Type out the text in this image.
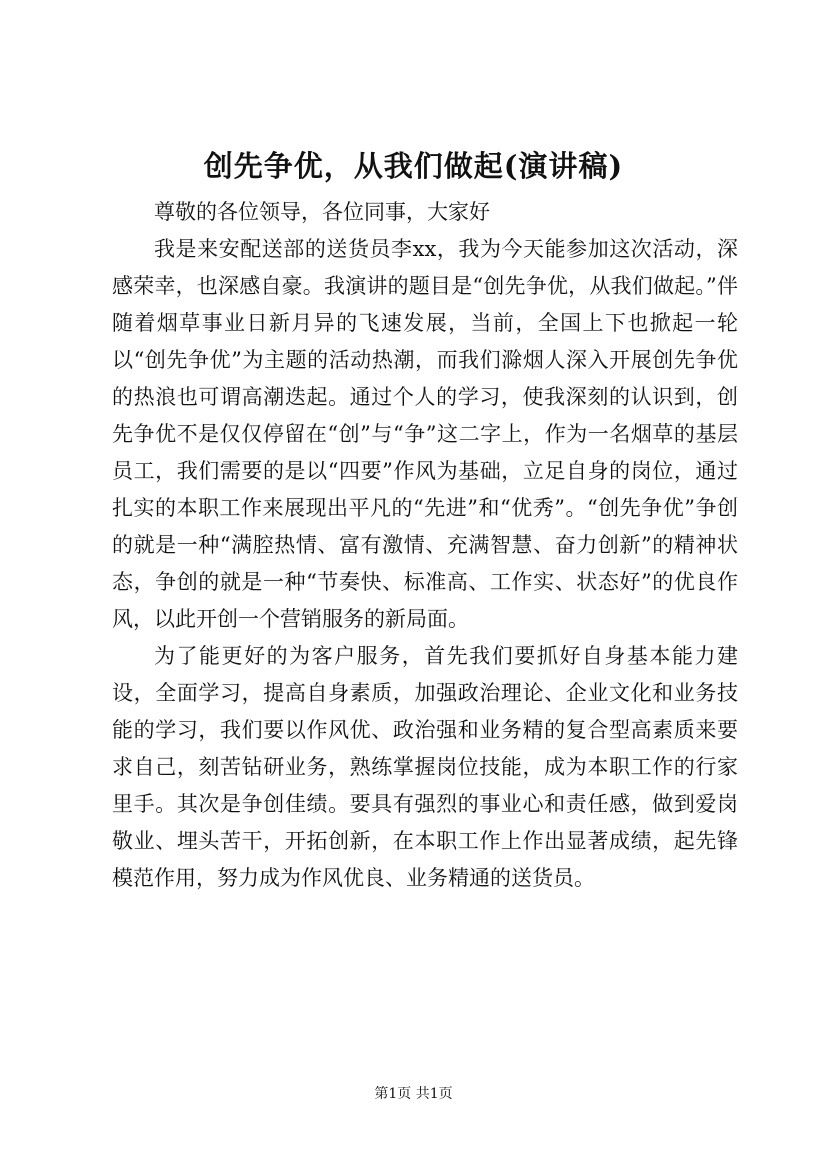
创先争优，从我们做起(演讲稿)

尊敬的各位领导，各位同事，大家好

我是来安配送部的送货员李xx，我为今天能参加这次活动，深感荣幸，也深感自豪。我演讲的题目是“创先争优，从我们做起。”伴随着烟草事业日新月异的飞速发展，当前，全国上下也掀起一轮以“创先争优”为主题的活动热潮，而我们滁烟人深入开展创先争优的热浪也可谓高潮迭起。通过个人的学习，使我深刻的认识到，创先争优不是仅仅停留在“创”与“争”这二字上，作为一名烟草的基层员工，我们需要的是以“四要”作风为基础，立足自身的岗位，通过扎实的本职工作来展现出平凡的“先进”和“优秀”。“创先争优”争创的就是一种“满腔热情、富有激情、充满智慧、奋力创新”的精神状态，争创的就是一种“节奏快、标准高、工作实、状态好”的优良作风，以此开创一个营销服务的新局面。

为了能更好的为客户服务，首先我们要抓好自身基本能力建设，全面学习，提高自身素质，加强政治理论、企业文化和业务技能的学习，我们要以作风优、政治强和业务精的复合型高素质来要求自己，刻苦钻研业务，熟练掌握岗位技能，成为本职工作的行家里手。其次是争创佳绩。要具有强烈的事业心和责任感，做到爱岗敬业、埋头苦干，开拓创新，在本职工作上作出显著成绩，起先锋模范作用，努力成为作风优良、业务精通的送货员。

第1页 共1页
